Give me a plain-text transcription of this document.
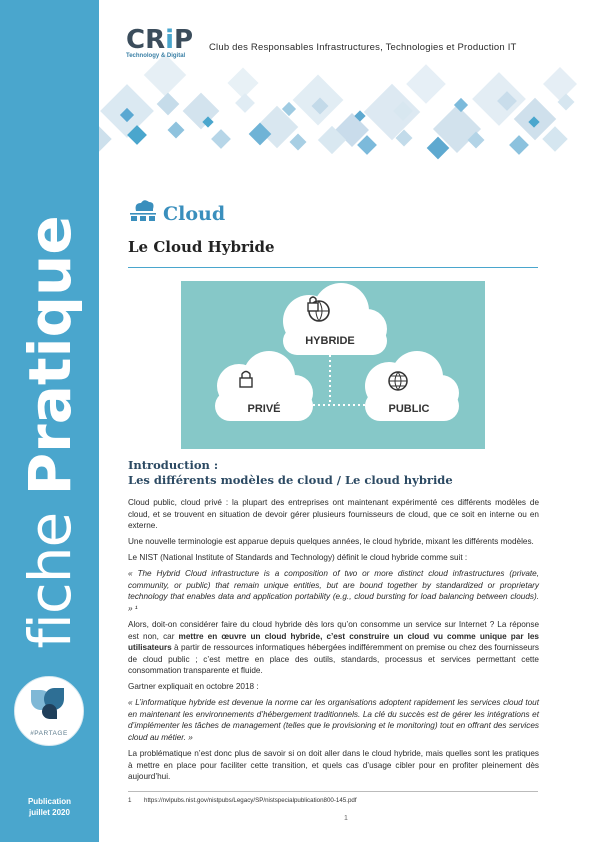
fiche Pratique
#PARTAGE
Publication
juillet 2020
CRiP
Technology & Digital
Club des Responsables Infrastructures, Technologies et Production IT
Cloud
Le Cloud Hybride
HYBRIDE
PRIVÉ	PUBLIC
Introduction :
Les différents modèles de cloud / Le cloud hybride

Cloud public, cloud privé : la plupart des entreprises ont maintenant expérimenté ces différents modèles de cloud, et se trouvent en situation de devoir gérer plusieurs fournisseurs de cloud, que ce soit en interne ou en externe.

Une nouvelle terminologie est apparue depuis quelques années, le cloud hybride, mixant les différents modèles.

Le NIST (National Institute of Standards and Technology) définit le cloud hybride comme suit :

« The Hybrid Cloud infrastructure is a composition of two or more distinct cloud infrastructures (private, community, or public) that remain unique entities, but are bound together by standardized or proprietary technology that enables data and application portability (e.g., cloud bursting for load balancing between clouds). » ¹

Alors, doit-on considérer faire du cloud hybride dès lors qu’on consomme un service sur Internet ? La réponse est non, car mettre en œuvre un cloud hybride, c’est construire un cloud vu comme unique par les utilisateurs à partir de ressources informatiques hébergées indifféremment on premise ou chez des fournisseurs de cloud public ; c’est mettre en place des outils, standards, processus et services permettant cette consommation transparente et fluide.

Gartner expliquait en octobre 2018 :

« L’informatique hybride est devenue la norme car les organisations adoptent rapidement les services cloud tout en maintenant les environnements d’hébergement traditionnels. La clé du succès est de gérer les intégrations et d’implémenter les tâches de management (telles que le provisioning et le monitoring) tout en offrant des services cloud au métier. »

La problématique n’est donc plus de savoir si on doit aller dans le cloud hybride, mais quelles sont les pratiques à mettre en place pour faciliter cette transition, et quels cas d’usage cibler pour en profiter pleinement dès aujourd’hui.

1 https://nvlpubs.nist.gov/nistpubs/Legacy/SP/nistspecialpublication800-145.pdf
1
